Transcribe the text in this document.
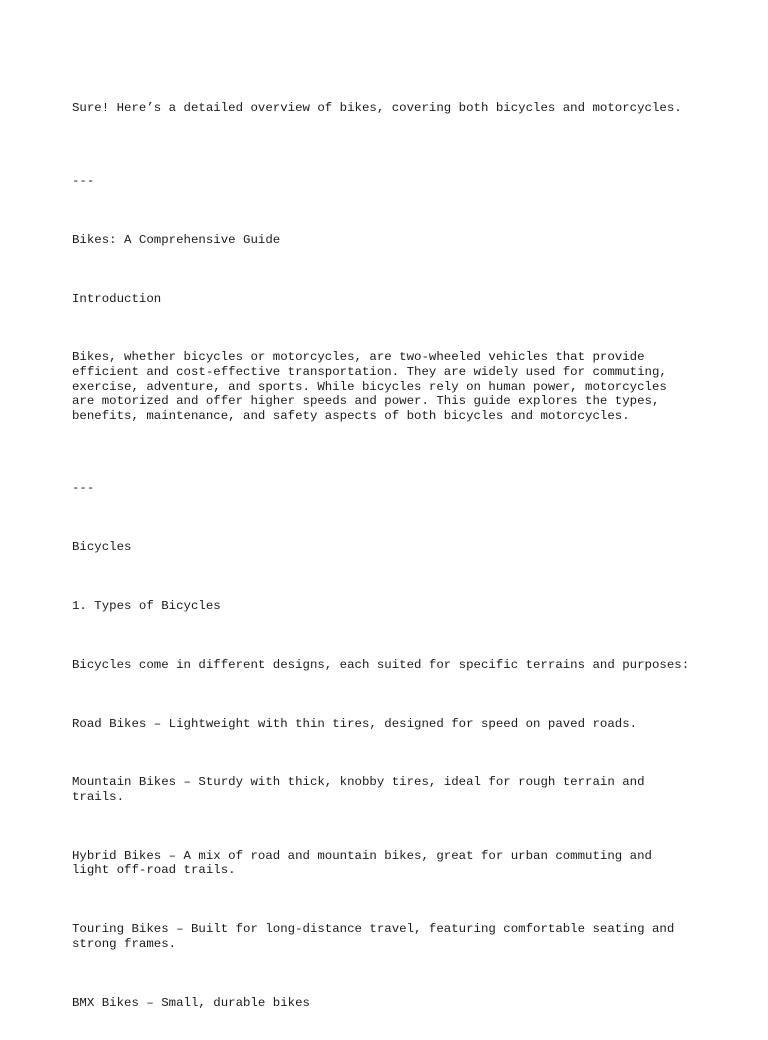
Sure! Here’s a detailed overview of bikes, covering both bicycles and motorcycles.

---

Bikes: A Comprehensive Guide

Introduction

Bikes, whether bicycles or motorcycles, are two-wheeled vehicles that provide
efficient and cost-effective transportation. They are widely used for commuting,
exercise, adventure, and sports. While bicycles rely on human power, motorcycles
are motorized and offer higher speeds and power. This guide explores the types,
benefits, maintenance, and safety aspects of both bicycles and motorcycles.

---

Bicycles

1. Types of Bicycles

Bicycles come in different designs, each suited for specific terrains and purposes:

Road Bikes – Lightweight with thin tires, designed for speed on paved roads.

Mountain Bikes – Sturdy with thick, knobby tires, ideal for rough terrain and
trails.

Hybrid Bikes – A mix of road and mountain bikes, great for urban commuting and
light off-road trails.

Touring Bikes – Built for long-distance travel, featuring comfortable seating and
strong frames.

BMX Bikes – Small, durable bikes
